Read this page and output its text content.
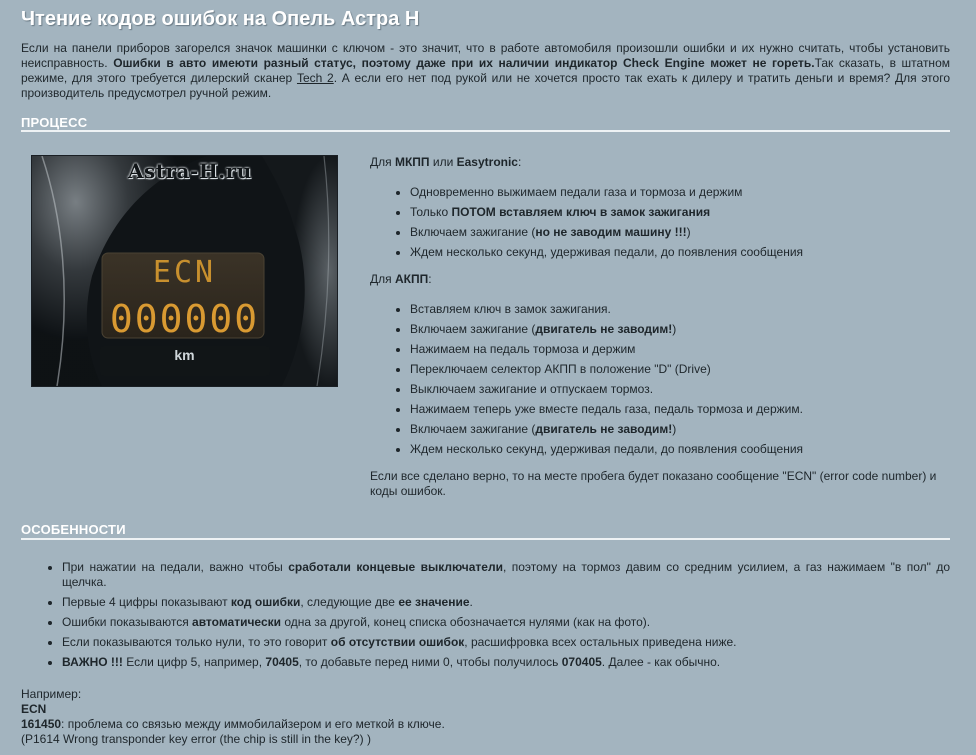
Чтение кодов ошибок на Опель Астра H

Если на панели приборов загорелся значок машинки с ключом - это значит, что в работе автомобиля произошли ошибки и их нужно считать, чтобы установить неисправность. Ошибки в авто имеюти разный статус, поэтому даже при их наличии индикатор Check Engine может не гореть.Так сказать, в штатном режиме, для этого требуется дилерский сканер Tech 2. А если его нет под рукой или не хочется просто так ехать к дилеру и тратить деньги и время? Для этого производитель предусмотрел ручной режим.

ПРОЦЕСС
Astra-H.ru
ECN
000000
km

Для МКПП или Easytronic:

Одновременно выжимаем педали газа и тормоза и держим
Только ПОТОМ вставляем ключ в замок зажигания
Включаем зажигание (но не заводим машину !!!)
Ждем несколько секунд, удерживая педали, до появления сообщения

Для АКПП:

Вставляем ключ в замок зажигания.
Включаем зажигание (двигатель не заводим!)
Нажимаем на педаль тормоза и держим
Переключаем селектор АКПП в положение "D" (Drive)
Выключаем зажигание и отпускаем тормоз.
Нажимаем теперь уже вместе педаль газа, педаль тормоза и держим.
Включаем зажигание (двигатель не заводим!)
Ждем несколько секунд, удерживая педали, до появления сообщения

Если все сделано верно, то на месте пробега будет показано сообщение "ECN" (error code number) и коды ошибок.

ОСОБЕННОСТИ
При нажатии на педали, важно чтобы сработали концевые выключатели, поэтому на тормоз давим со средним усилием, а газ нажимаем "в пол" до щелчка.
Первые 4 цифры показывают код ошибки, следующие две ее значение.
Ошибки показываются автоматически одна за другой, конец списка обозначается нулями (как на фото).
Если показываются только нули, то это говорит об отсутствии ошибок, расшифровка всех остальных приведена ниже.
ВАЖНО !!! Если цифр 5, например, 70405, то добавьте перед ними 0, чтобы получилось 070405. Далее - как обычно.
Например:
ECN
161450: проблема со связью между иммобилайзером и его меткой в ключе.
(P1614 Wrong transponder key error (the chip is still in the key?) )
